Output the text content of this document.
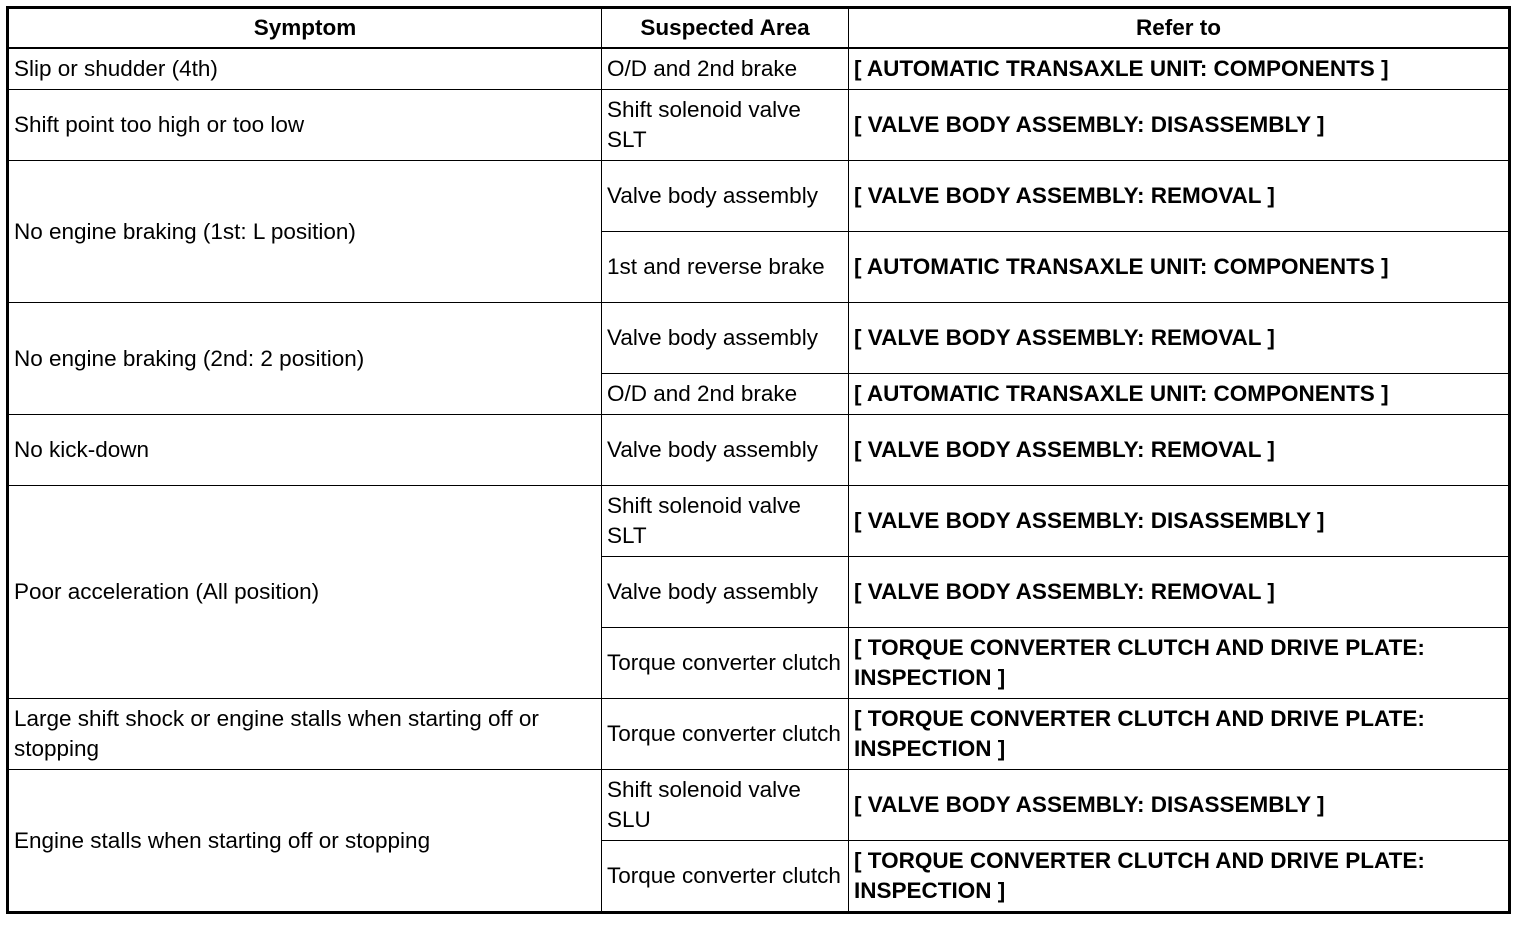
Symptom	Suspected Area	Refer to
Slip or shudder (4th)	O/D and 2nd brake	[ AUTOMATIC TRANSAXLE UNIT: COMPONENTS ]
Shift point too high or too low	Shift solenoid valve SLT	[ VALVE BODY ASSEMBLY: DISASSEMBLY ]
No engine braking (1st: L position)	Valve body assembly	[ VALVE BODY ASSEMBLY: REMOVAL ]
	1st and reverse brake	[ AUTOMATIC TRANSAXLE UNIT: COMPONENTS ]
No engine braking (2nd: 2 position)	Valve body assembly	[ VALVE BODY ASSEMBLY: REMOVAL ]
	O/D and 2nd brake	[ AUTOMATIC TRANSAXLE UNIT: COMPONENTS ]
No kick-down	Valve body assembly	[ VALVE BODY ASSEMBLY: REMOVAL ]
Poor acceleration (All position)	Shift solenoid valve SLT	[ VALVE BODY ASSEMBLY: DISASSEMBLY ]
	Valve body assembly	[ VALVE BODY ASSEMBLY: REMOVAL ]
	Torque converter clutch	[ TORQUE CONVERTER CLUTCH AND DRIVE PLATE: INSPECTION ]
Large shift shock or engine stalls when starting off or stopping	Torque converter clutch	[ TORQUE CONVERTER CLUTCH AND DRIVE PLATE: INSPECTION ]
Engine stalls when starting off or stopping	Shift solenoid valve SLU	[ VALVE BODY ASSEMBLY: DISASSEMBLY ]
	Torque converter clutch	[ TORQUE CONVERTER CLUTCH AND DRIVE PLATE: INSPECTION ]
